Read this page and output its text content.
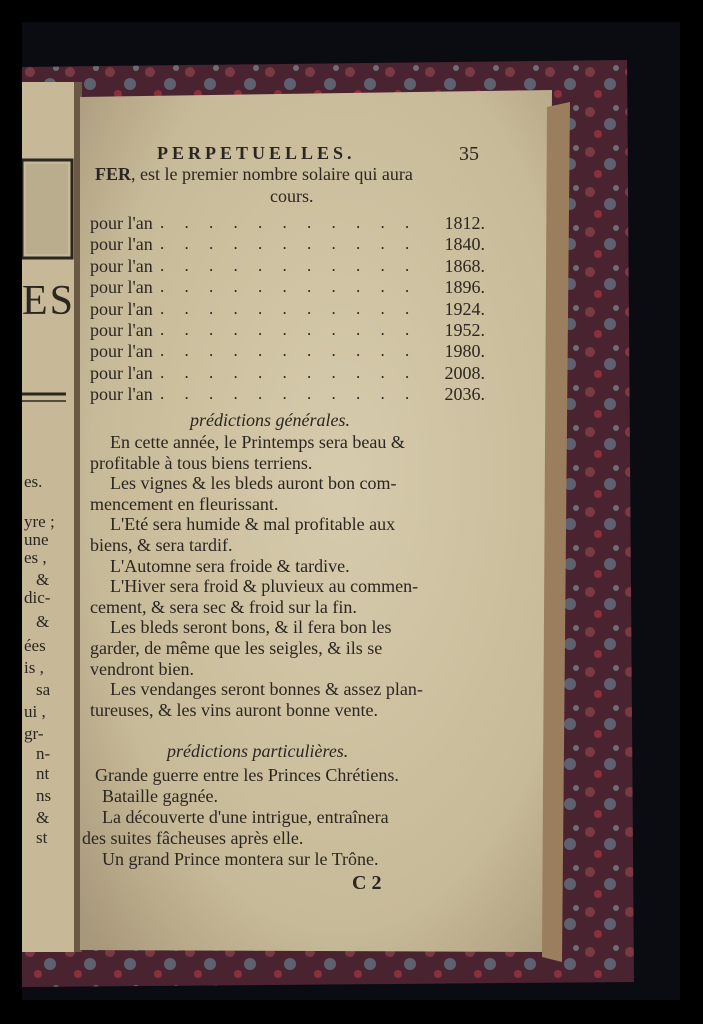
ES
es.
yre ;
une
es ,
&
dic-
&
ées
is ,
sa
ui ,
gr-
n-
nt
ns
&
st
PERPETUELLES.	35
FER, est le premier nombre solaire qui aura
cours.
pour l'an . . . . . . . . . . . 1812.
pour l'an . . . . . . . . . . . 1840.
pour l'an . . . . . . . . . . . 1868.
pour l'an . . . . . . . . . . . 1896.
pour l'an . . . . . . . . . . . 1924.
pour l'an . . . . . . . . . . . 1952.
pour l'an . . . . . . . . . . . 1980.
pour l'an . . . . . . . . . . . 2008.
pour l'an . . . . . . . . . . . 2036.
prédictions générales.
En cette année, le Printemps sera beau &
profitable à tous biens terriens.
Les vignes & les bleds auront bon com-
mencement en fleurissant.
L'Eté sera humide & mal profitable aux
biens, & sera tardif.
L'Automne sera froide & tardive.
L'Hiver sera froid & pluvieux au commen-
cement, & sera sec & froid sur la fin.
Les bleds seront bons, & il fera bon les
garder, de même que les seigles, & ils se
vendront bien.
Les vendanges seront bonnes & assez plan-
tureuses, & les vins auront bonne vente.
prédictions particulières.
Grande guerre entre les Princes Chrétiens.
Bataille gagnée.
La découverte d'une intrigue, entraînera
des suites fâcheuses après elle.
Un grand Prince montera sur le Trône.
C 2
